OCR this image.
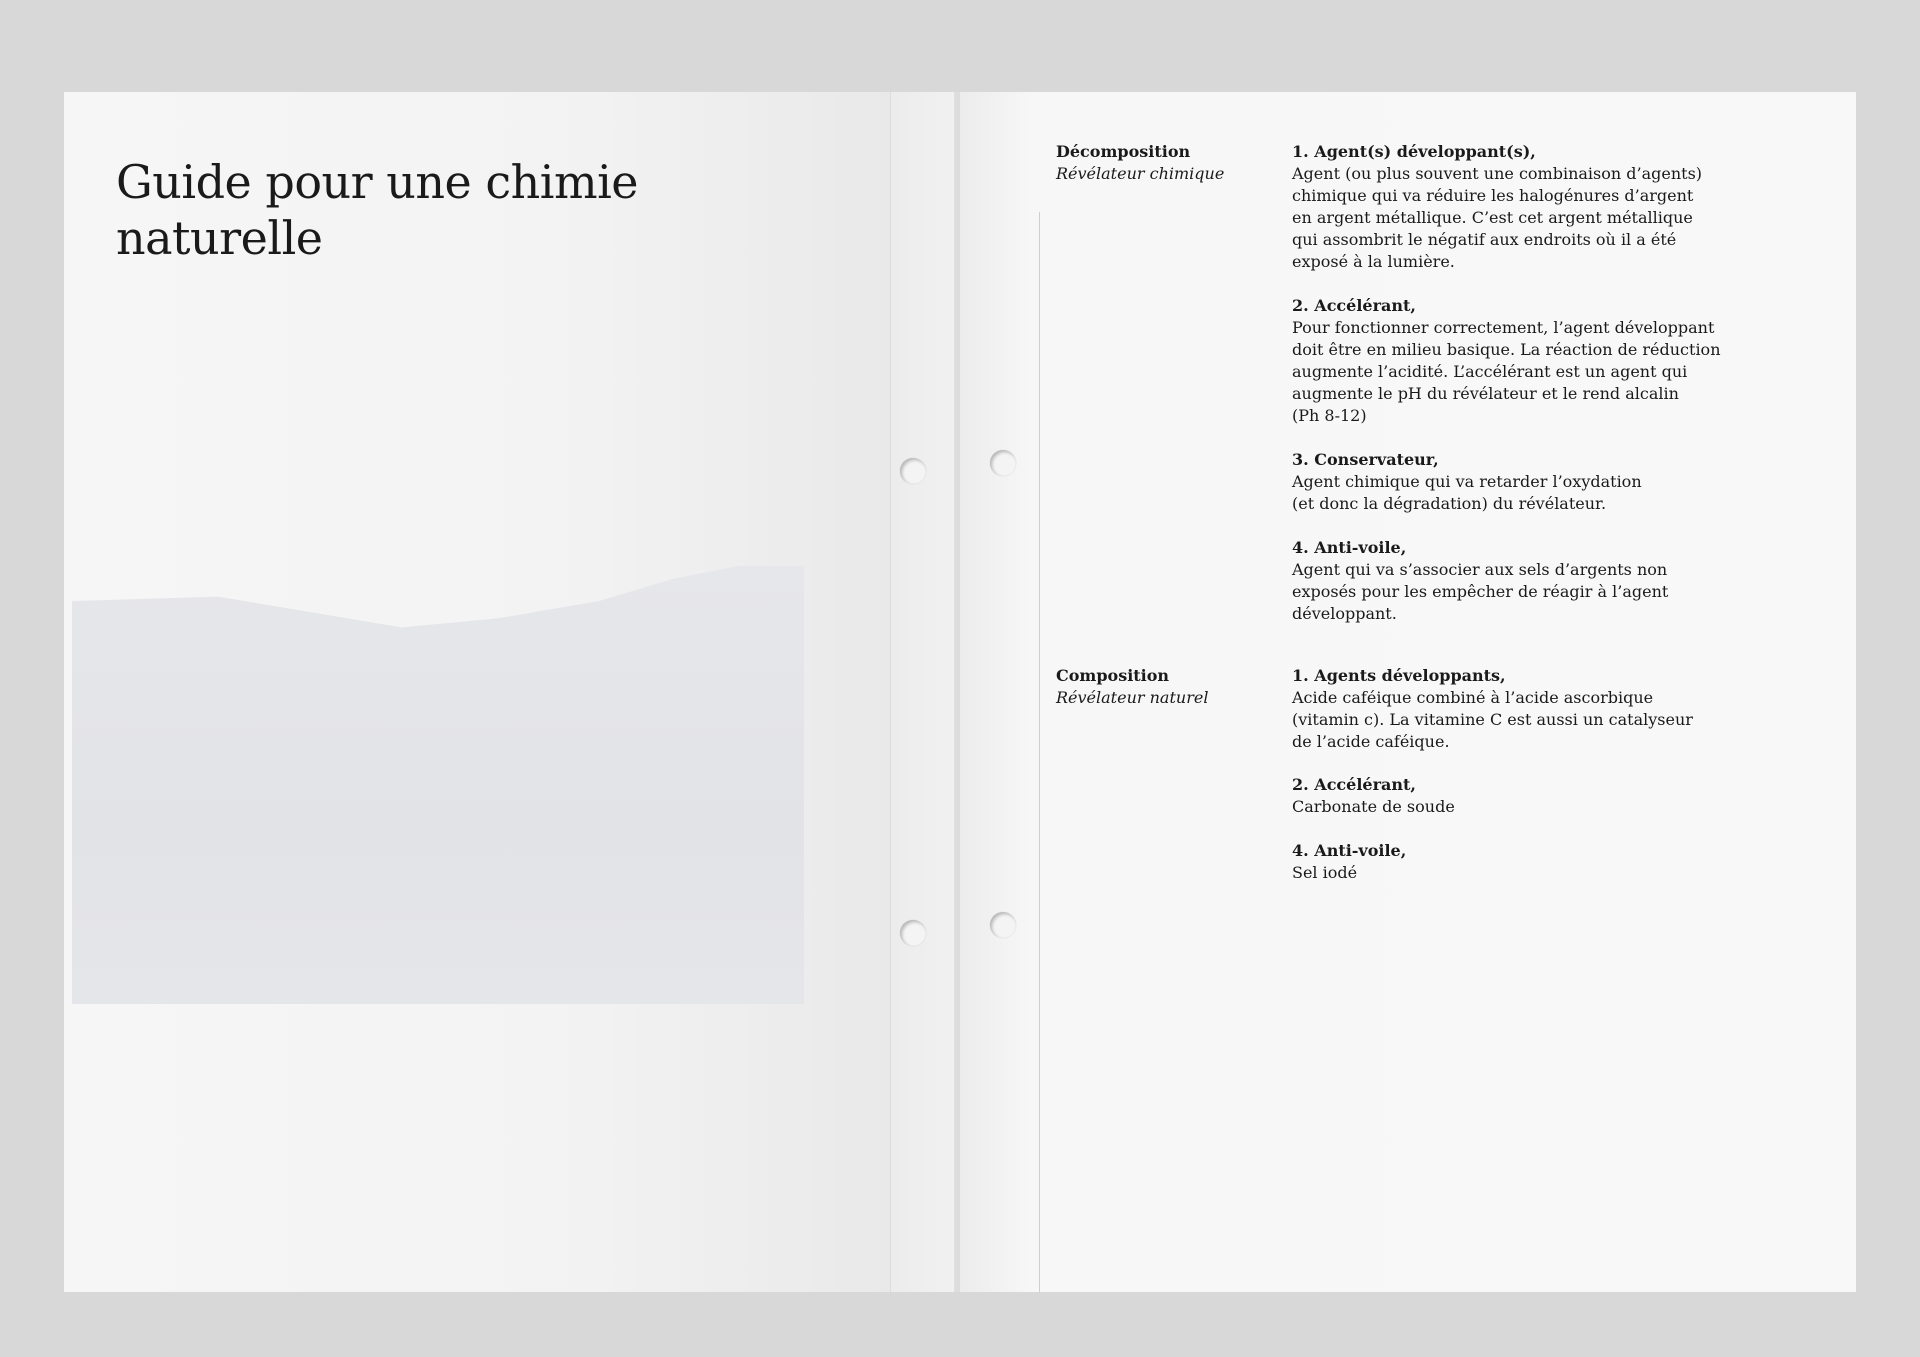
Guide pour une chimie
naturelle
Décomposition
Révélateur chimique
1. Agent(s) développant(s),
Agent (ou plus souvent une combinaison d’agents)
chimique qui va réduire les halogénures d’argent
en argent métallique. C’est cet argent métallique
qui assombrit le négatif aux endroits où il a été
exposé à la lumière.
2. Accélérant,
Pour fonctionner correctement, l’agent développant
doit être en milieu basique. La réaction de réduction
augmente l’acidité. L’accélérant est un agent qui
augmente le pH du révélateur et le rend alcalin
(Ph 8-12)
3. Conservateur,
Agent chimique qui va retarder l’oxydation
(et donc la dégradation) du révélateur.
4. Anti-voile,
Agent qui va s’associer aux sels d’argents non
exposés pour les empêcher de réagir à l’agent
développant.
Composition
Révélateur naturel
1. Agents développants,
Acide caféique combiné à l’acide ascorbique
(vitamin c). La vitamine C est aussi un catalyseur
de l’acide caféique.
2. Accélérant,
Carbonate de soude
4. Anti-voile,
Sel iodé
